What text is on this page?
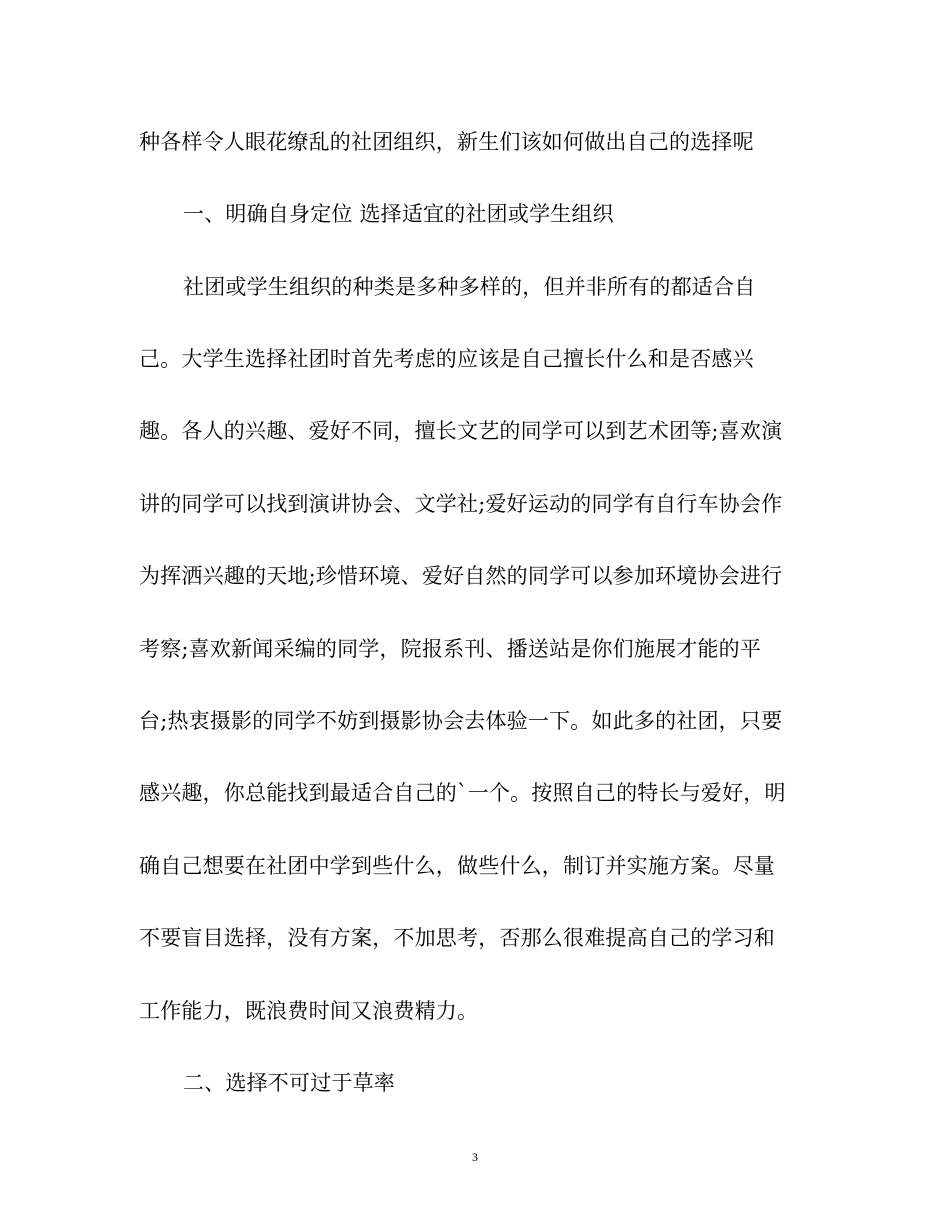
种各样令人眼花缭乱的社团组织，新生们该如何做出自己的选择呢
一、明确自身定位 选择适宜的社团或学生组织
社团或学生组织的种类是多种多样的，但并非所有的都适合自
己。大学生选择社团时首先考虑的应该是自己擅长什么和是否感兴
趣。各人的兴趣、爱好不同，擅长文艺的同学可以到艺术团等;喜欢演
讲的同学可以找到演讲协会、文学社;爱好运动的同学有自行车协会作
为挥洒兴趣的天地;珍惜环境、爱好自然的同学可以参加环境协会进行
考察;喜欢新闻采编的同学，院报系刊、播送站是你们施展才能的平
台;热衷摄影的同学不妨到摄影协会去体验一下。如此多的社团，只要
感兴趣，你总能找到最适合自己的`一个。按照自己的特长与爱好，明
确自己想要在社团中学到些什么，做些什么，制订并实施方案。尽量
不要盲目选择，没有方案，不加思考，否那么很难提高自己的学习和
工作能力，既浪费时间又浪费精力。
二、选择不可过于草率
3
